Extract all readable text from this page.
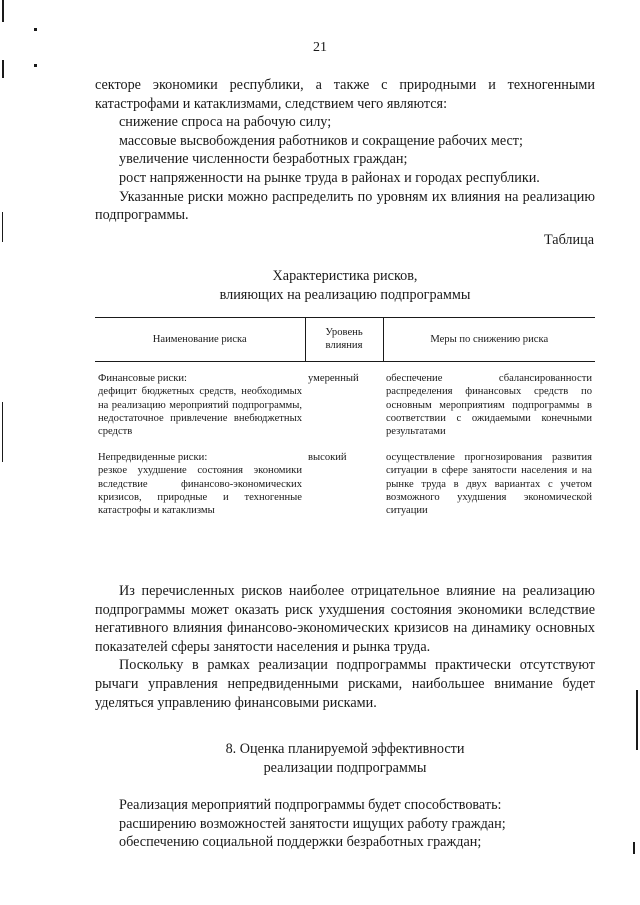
21

секторе экономики республики, а также с природными и техногенными катастрофами и катаклизмами, следствием чего являются:

снижение спроса на рабочую силу;

массовые высвобождения работников и сокращение рабочих мест;

увеличение численности безработных граждан;

рост напряженности на рынке труда в районах и городах республики.

Указанные риски можно распределить по уровням их влияния на реализацию подпрограммы.

Таблица
Характеристика рисков,
влияющих на реализацию подпрограммы
Наименование риска	Уровень влияния	Меры по снижению риска

Финансовые риски:
дефицит бюджетных средств, необходимых на реализацию мероприятий подпрограммы, недостаточное привлечение внебюджетных средств	умеренный	обеспечение сбалансированности распределения финансовых средств по основным мероприятиям подпрограммы в соответствии с ожидаемыми конечными результатами

Непредвиденные риски:
резкое ухудшение состояния экономики вследствие финансово-экономических кризисов, природные и техногенные катастрофы и катаклизмы	высокий	осуществление прогнозирования развития ситуации в сфере занятости населения и на рынке труда в двух вариантах с учетом возможного ухудшения экономической ситуации

Из перечисленных рисков наиболее отрицательное влияние на реализацию подпрограммы может оказать риск ухудшения состояния экономики вследствие негативного влияния финансово-экономических кризисов на динамику основных показателей сферы занятости населения и рынка труда.

Поскольку в рамках реализации подпрограммы практически отсутствуют рычаги управления непредвиденными рисками, наибольшее внимание будет уделяться управлению финансовыми рисками.

8. Оценка планируемой эффективности
реализации подпрограммы

Реализация мероприятий подпрограммы будет способствовать:

расширению возможностей занятости ищущих работу граждан;

обеспечению социальной поддержки безработных граждан;
